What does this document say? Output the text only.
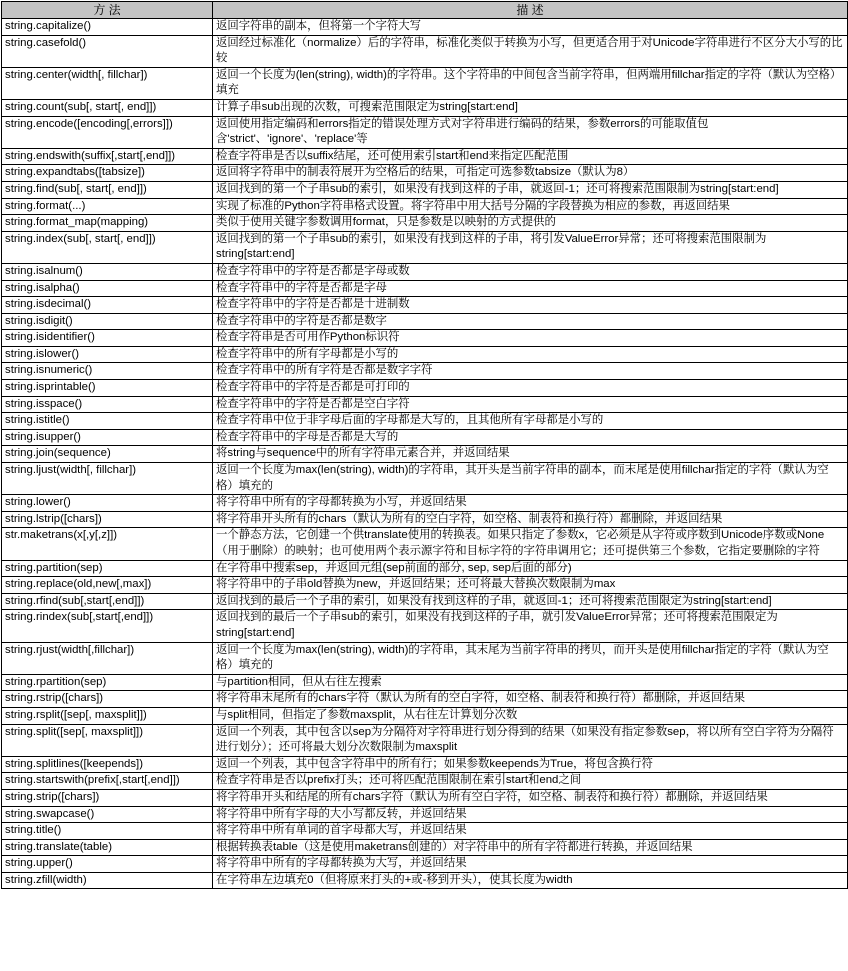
方 法	描 述
string.capitalize()	返回字符串的副本，但将第一个字符大写
string.casefold()	返回经过标准化（normalize）后的字符串，标准化类似于转换为小写，但更适合用于对Unicode字符串进行不区分大小写的比较
string.center(width[, fillchar])	返回一个长度为(len(string), width)的字符串。这个字符串的中间包含当前字符串，但两端用fillchar指定的字符（默认为空格）填充
string.count(sub[, start[, end]])	计算子串sub出现的次数，可搜索范围限定为string[start:end]
string.encode([encoding[,errors]])	返回使用指定编码和errors指定的错误处理方式对字符串进行编码的结果，参数errors的可能取值包含'strict'、'ignore'、'replace'等
string.endswith(suffix[,start[,end]])	检查字符串是否以suffix结尾，还可使用索引start和end来指定匹配范围
string.expandtabs([tabsize])	返回将字符串中的制表符展开为空格后的结果，可指定可选参数tabsize（默认为8）
string.find(sub[, start[, end]])	返回找到的第一个子串sub的索引，如果没有找到这样的子串，就返回-1；还可将搜索范围限制为string[start:end]
string.format(...)	实现了标准的Python字符串格式设置。将字符串中用大括号分隔的字段替换为相应的参数，再返回结果
string.format_map(mapping)	类似于使用关键字参数调用format，只是参数是以映射的方式提供的
string.index(sub[, start[, end]])	返回找到的第一个子串sub的索引，如果没有找到这样的子串，将引发ValueError异常；还可将搜索范围限制为string[start:end]
string.isalnum()	检查字符串中的字符是否都是字母或数
string.isalpha()	检查字符串中的字符是否都是字母
string.isdecimal()	检查字符串中的字符是否都是十进制数
string.isdigit()	检查字符串中的字符是否都是数字
string.isidentifier()	检查字符串是否可用作Python标识符
string.islower()	检查字符串中的所有字母都是小写的
string.isnumeric()	检查字符串中的所有字符是否都是数字字符
string.isprintable()	检查字符串中的字符是否都是可打印的
string.isspace()	检查字符串中的字符是否都是空白字符
string.istitle()	检查字符串中位于非字母后面的字母都是大写的，且其他所有字母都是小写的
string.isupper()	检查字符串中的字母是否都是大写的
string.join(sequence)	将string与sequence中的所有字符串元素合并，并返回结果
string.ljust(width[, fillchar])	返回一个长度为max(len(string), width)的字符串，其开头是当前字符串的副本，而末尾是使用fillchar指定的字符（默认为空格）填充的
string.lower()	将字符串中所有的字母都转换为小写，并返回结果
string.lstrip([chars])	将字符串开头所有的chars（默认为所有的空白字符，如空格、制表符和换行符）都删除，并返回结果
str.maketrans(x[,y[,z]])	一个静态方法，它创建一个供translate使用的转换表。如果只指定了参数x，它必须是从字符或序数到Unicode序数或None（用于删除）的映射；也可使用两个表示源字符和目标字符的字符串调用它；还可提供第三个参数，它指定要删除的字符
string.partition(sep)	在字符串中搜索sep，并返回元组(sep前面的部分, sep, sep后面的部分)
string.replace(old,new[,max])	将字符串中的子串old替换为new，并返回结果；还可将最大替换次数限制为max
string.rfind(sub[,start[,end]])	返回找到的最后一个子串的索引，如果没有找到这样的子串，就返回-1；还可将搜索范围限定为string[start:end]
string.rindex(sub[,start[,end]])	返回找到的最后一个子串sub的索引，如果没有找到这样的子串，就引发ValueError异常；还可将搜索范围限定为string[start:end]
string.rjust(width[,fillchar])	返回一个长度为max(len(string), width)的字符串，其末尾为当前字符串的拷贝，而开头是使用fillchar指定的字符（默认为空格）填充的
string.rpartition(sep)	与partition相同，但从右往左搜索
string.rstrip([chars])	将字符串末尾所有的chars字符（默认为所有的空白字符，如空格、制表符和换行符）都删除，并返回结果
string.rsplit([sep[, maxsplit]])	与split相同，但指定了参数maxsplit，从右往左计算划分次数
string.split([sep[, maxsplit]])	返回一个列表，其中包含以sep为分隔符对字符串进行划分得到的结果（如果没有指定参数sep，将以所有空白字符为分隔符进行划分）；还可将最大划分次数限制为maxsplit
string.splitlines([keepends])	返回一个列表，其中包含字符串中的所有行；如果参数keepends为True，将包含换行符
string.startswith(prefix[,start[,end]])	检查字符串是否以prefix打头；还可将匹配范围限制在索引start和end之间
string.strip([chars])	将字符串开头和结尾的所有chars字符（默认为所有空白字符，如空格、制表符和换行符）都删除，并返回结果
string.swapcase()	将字符串中所有字母的大小写都反转，并返回结果
string.title()	将字符串中所有单词的首字母都大写，并返回结果
string.translate(table)	根据转换表table（这是使用maketrans创建的）对字符串中的所有字符都进行转换，并返回结果
string.upper()	将字符串中所有的字母都转换为大写，并返回结果
string.zfill(width)	在字符串左边填充0（但将原来打头的+或-移到开头），使其长度为width
